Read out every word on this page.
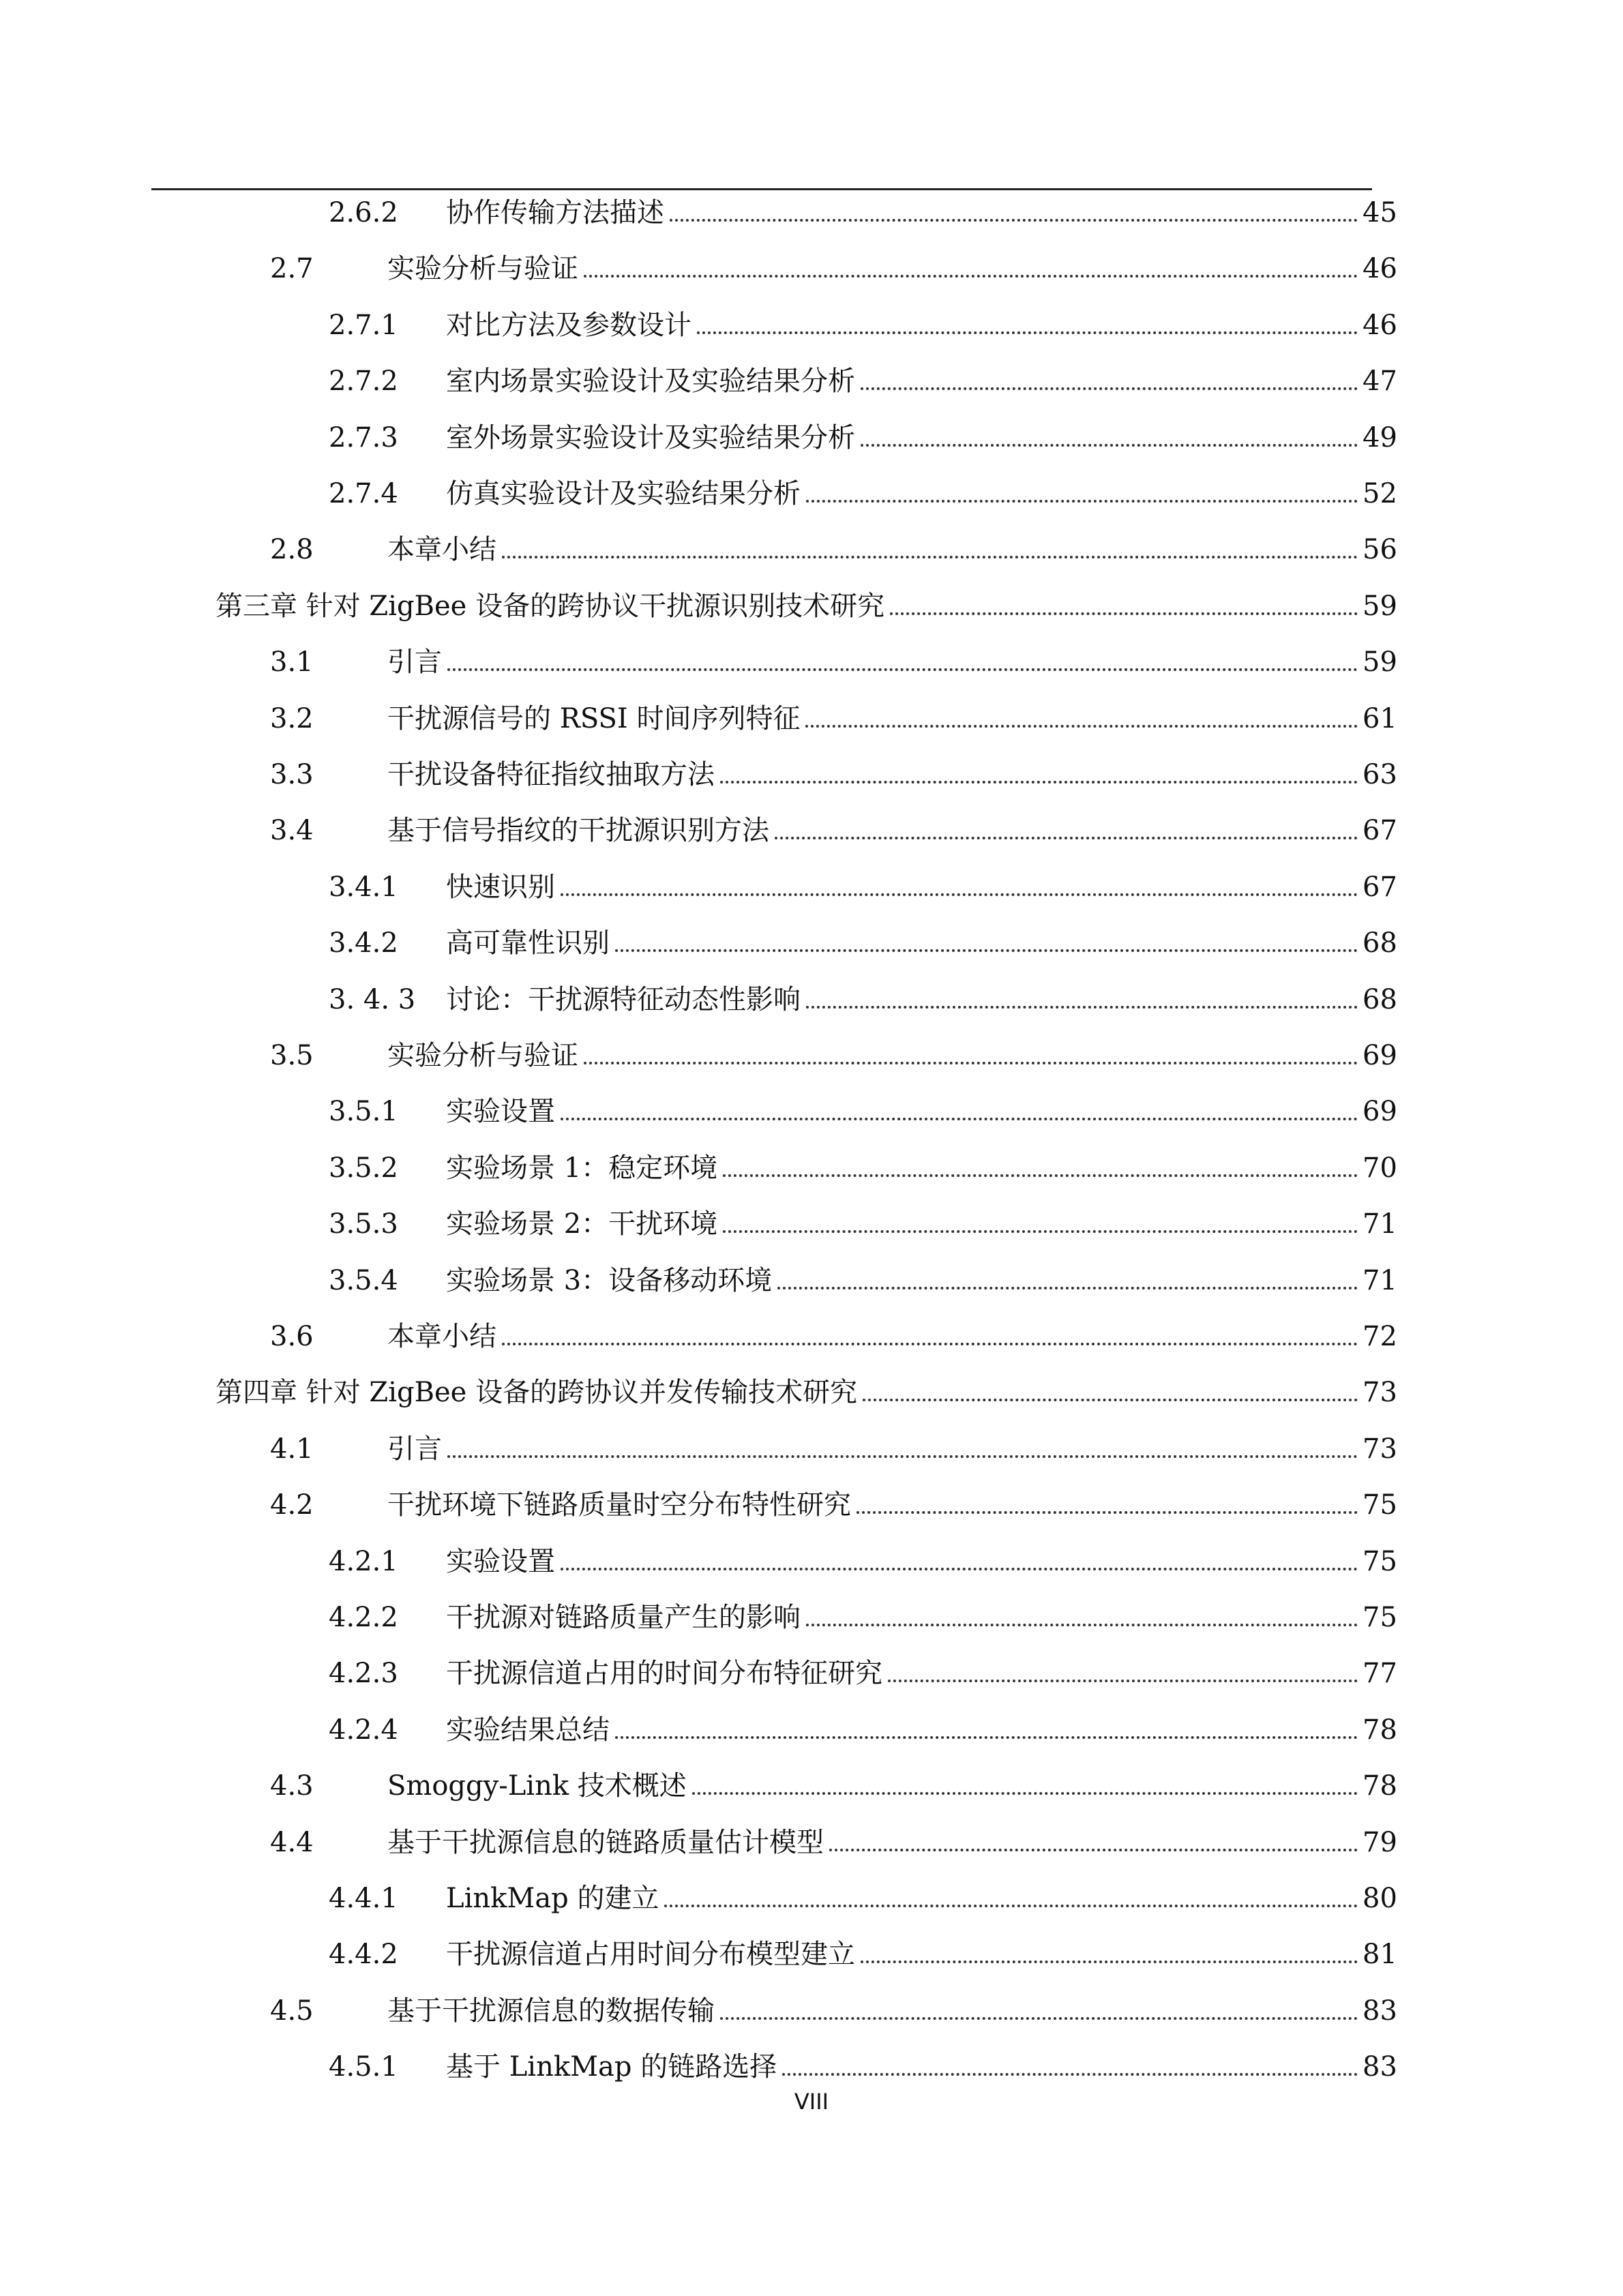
2.6.2 协作传输方法描述	45
2.7	实验分析与验证	46
2.7.1 对比方法及参数设计	46
2.7.2 室内场景实验设计及实验结果分析	47
2.7.3 室外场景实验设计及实验结果分析	49
2.7.4 仿真实验设计及实验结果分析	52
2.8	本章小结	56
第三章 针对 ZigBee 设备的跨协议干扰源识别技术研究	59
3.1	引言	59
3.2	干扰源信号的 RSSI 时间序列特征	61
3.3	干扰设备特征指纹抽取方法	63
3.4	基于信号指纹的干扰源识别方法	67
3.4.1 快速识别	67
3.4.2 高可靠性识别	68
3. 4. 3 讨论：干扰源特征动态性影响	68
3.5	实验分析与验证	69
3.5.1 实验设置	69
3.5.2 实验场景 1：稳定环境	70
3.5.3 实验场景 2：干扰环境	71
3.5.4 实验场景 3：设备移动环境	71
3.6	本章小结	72
第四章 针对 ZigBee 设备的跨协议并发传输技术研究	73
4.1	引言	73
4.2	干扰环境下链路质量时空分布特性研究	75
4.2.1 实验设置	75
4.2.2 干扰源对链路质量产生的影响	75
4.2.3 干扰源信道占用的时间分布特征研究	77
4.2.4 实验结果总结	78
4.3	Smoggy-Link 技术概述	78
4.4	基于干扰源信息的链路质量估计模型	79
4.4.1 LinkMap 的建立	80
4.4.2 干扰源信道占用时间分布模型建立	81
4.5	基于干扰源信息的数据传输	83
4.5.1 基于 LinkMap 的链路选择	83
VIII
